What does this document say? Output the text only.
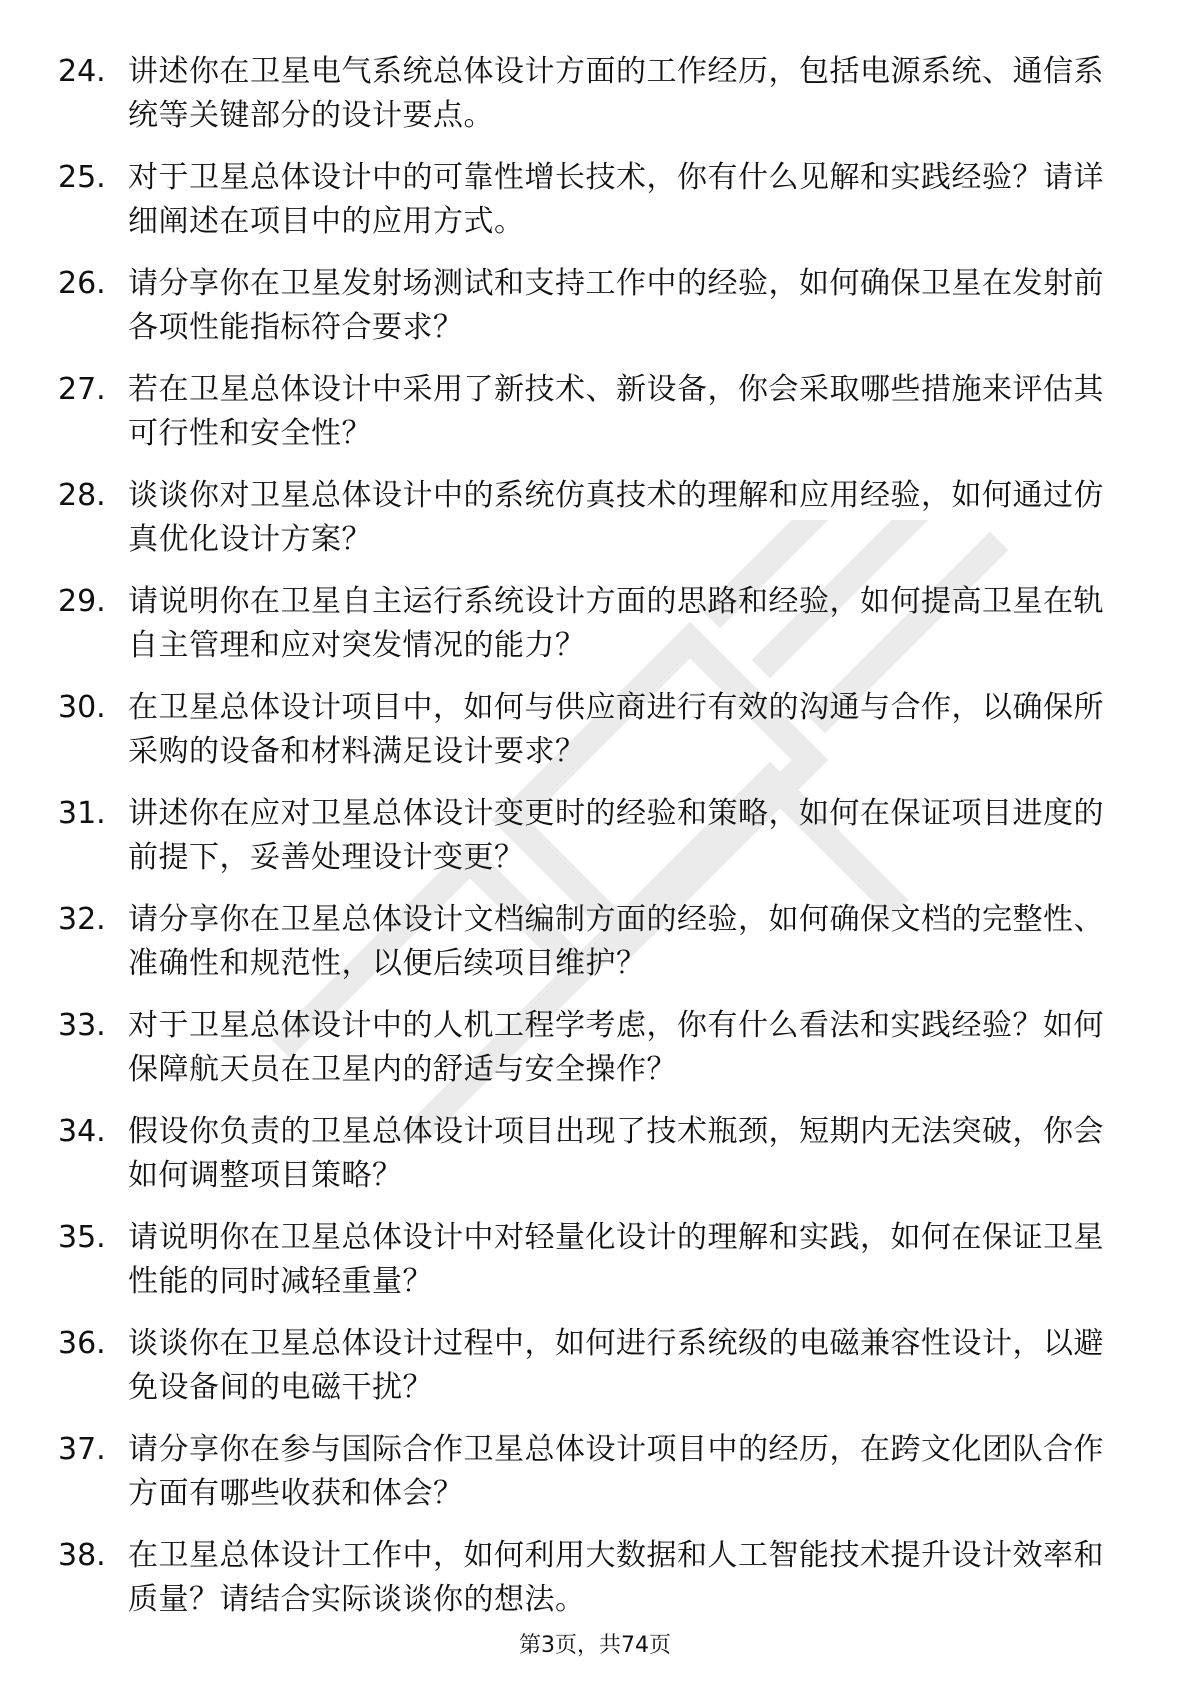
24. 讲述你在卫星电气系统总体设计方面的工作经历，包括电源系统、通信系统等关键部分的设计要点。
25. 对于卫星总体设计中的可靠性增长技术，你有什么见解和实践经验？请详细阐述在项目中的应用方式。
26. 请分享你在卫星发射场测试和支持工作中的经验，如何确保卫星在发射前各项性能指标符合要求？
27. 若在卫星总体设计中采用了新技术、新设备，你会采取哪些措施来评估其可行性和安全性？
28. 谈谈你对卫星总体设计中的系统仿真技术的理解和应用经验，如何通过仿真优化设计方案？
29. 请说明你在卫星自主运行系统设计方面的思路和经验，如何提高卫星在轨自主管理和应对突发情况的能力？
30. 在卫星总体设计项目中，如何与供应商进行有效的沟通与合作，以确保所采购的设备和材料满足设计要求？
31. 讲述你在应对卫星总体设计变更时的经验和策略，如何在保证项目进度的前提下，妥善处理设计变更？
32. 请分享你在卫星总体设计文档编制方面的经验，如何确保文档的完整性、准确性和规范性，以便后续项目维护？
33. 对于卫星总体设计中的人机工程学考虑，你有什么看法和实践经验？如何保障航天员在卫星内的舒适与安全操作？
34. 假设你负责的卫星总体设计项目出现了技术瓶颈，短期内无法突破，你会如何调整项目策略？
35. 请说明你在卫星总体设计中对轻量化设计的理解和实践，如何在保证卫星性能的同时减轻重量？
36. 谈谈你在卫星总体设计过程中，如何进行系统级的电磁兼容性设计，以避免设备间的电磁干扰？
37. 请分享你在参与国际合作卫星总体设计项目中的经历，在跨文化团队合作方面有哪些收获和体会？
38. 在卫星总体设计工作中，如何利用大数据和人工智能技术提升设计效率和质量？请结合实际谈谈你的想法。
第3页，共74页
